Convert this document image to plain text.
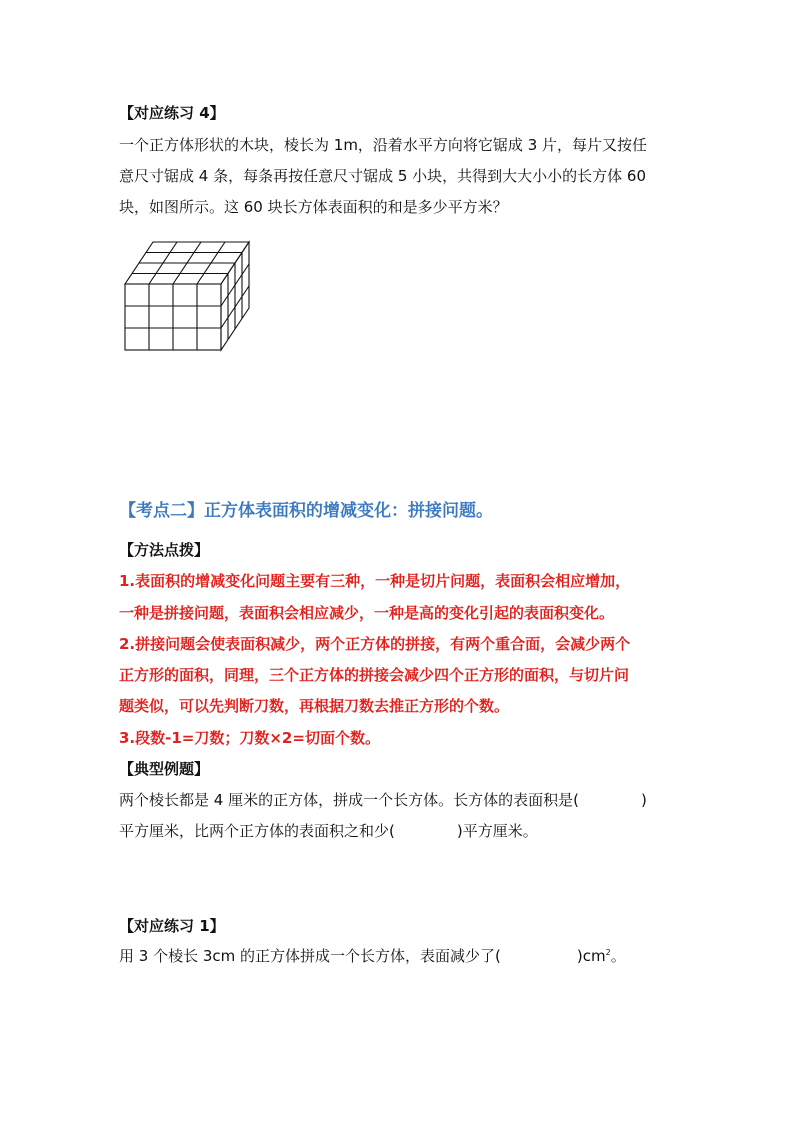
【对应练习 4】
一个正方体形状的木块，棱长为 1m，沿着水平方向将它锯成 3 片，每片又按任
意尺寸锯成 4 条，每条再按任意尺寸锯成 5 小块，共得到大大小小的长方体 60
块，如图所示。这 60 块长方体表面积的和是多少平方米？
【考点二】正方体表面积的增减变化：拼接问题。
【方法点拨】
1.表面积的增减变化问题主要有三种，一种是切片问题，表面积会相应增加，
一种是拼接问题，表面积会相应减少，一种是高的变化引起的表面积变化。
2.拼接问题会使表面积减少，两个正方体的拼接，有两个重合面，会减少两个
正方形的面积，同理，三个正方体的拼接会减少四个正方形的面积，与切片问
题类似，可以先判断刀数，再根据刀数去推正方形的个数。
3.段数-1=刀数；刀数×2=切面个数。
【典型例题】
两个棱长都是 4 厘米的正方体，拼成一个长方体。长方体的表面积是(	)
平方厘米，比两个正方体的表面积之和少(	)平方厘米。
【对应练习 1】
用 3 个棱长 3cm 的正方体拼成一个长方体，表面减少了(	)$cm^2$。
